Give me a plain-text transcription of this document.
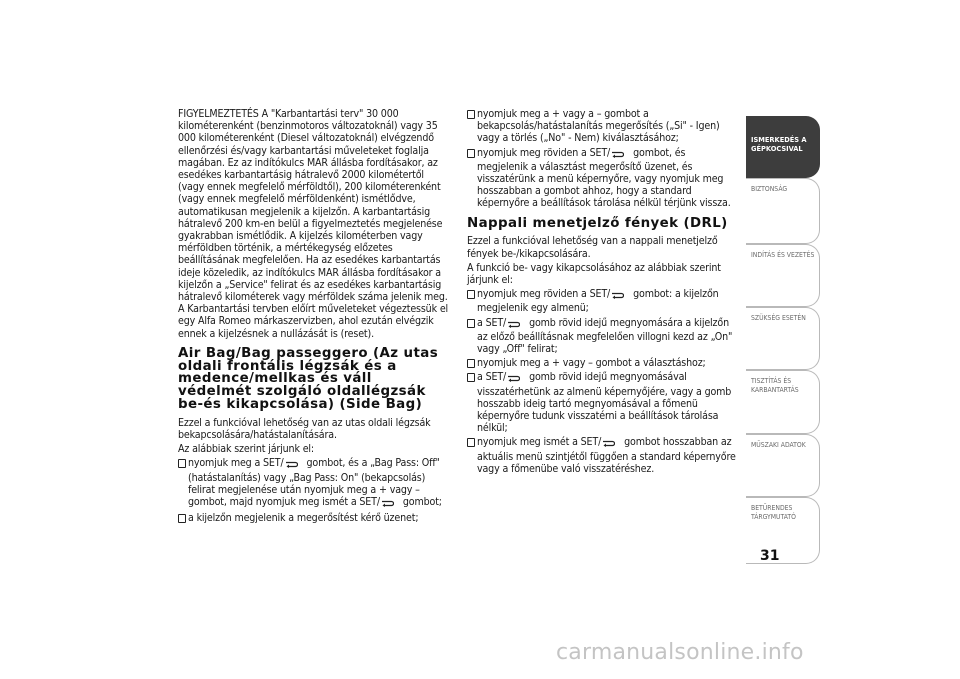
FIGYELMEZTETÉS A "Karbantartási terv" 30 000 kilométerenként (benzinmotoros változatoknál) vagy 35 000 kilométerenként (Diesel változatoknál) elvégzendő ellenőrzési és/vagy karbantartási műveleteket foglalja magában. Ez az indítókulcs MAR állásba fordításakor, az esedékes karbantartásig hátralevő 2000 kilométertől (vagy ennek megfelelő mérföldtől), 200 kilométerenként (vagy ennek megfelelő mérföldenként) ismétlődve, automatikusan megjelenik a kijelzőn. A karbantartásig hátralevő 200 km-en belül a figyelmeztetés megjelenése gyakrabban ismétlődik. A kijelzés kilométerben vagy mérföldben történik, a mértékegység előzetes beállításának megfelelően. Ha az esedékes karbantartás ideje közeledik, az indítókulcs MAR állásba fordításakor a kijelzőn a „Service" felirat és az esedékes karbantartásig hátralevő kilométerek vagy mérföldek száma jelenik meg. A Karbantartási tervben előírt műveleteket végeztessük el egy Alfa Romeo márkaszervizben, ahol ezután elvégzik ennek a kijelzésnek a nullázását is (reset).

Air Bag/Bag passeggero (Az utas oldali frontális légzsák és a medence/mellkas és váll védelmét szolgáló oldallégzsák be-és kikapcsolása) (Side Bag)

Ezzel a funkcióval lehetőség van az utas oldali légzsák bekapcsolására/hatástalanítására.

Az alábbiak szerint járjunk el:

nyomjuk meg a SET/ gombot, és a „Bag Pass: Off" (hatástalanítás) vagy „Bag Pass: On" (bekapcsolás) felirat megjelenése után nyomjuk meg a + vagy – gombot, majd nyomjuk meg ismét a SET/ gombot;
a kijelzőn megjelenik a megerősítést kérő üzenet;
nyomjuk meg a + vagy a – gombot a bekapcsolás/hatástalanítás megerősítés („Si" - Igen) vagy a törlés („No" - Nem) kiválasztásához;
nyomjuk meg röviden a SET/ gombot, és megjelenik a választást megerősítő üzenet, és visszatérünk a menü képernyőre, vagy nyomjuk meg hosszabban a gombot ahhoz, hogy a standard képernyőre a beállítások tárolása nélkül térjünk vissza.
Nappali menetjelző fények (DRL)

Ezzel a funkcióval lehetőség van a nappali menetjelző fények be-/kikapcsolására.

A funkció be- vagy kikapcsolásához az alábbiak szerint járjunk el:

nyomjuk meg röviden a SET/ gombot: a kijelzőn megjelenik egy almenü;
a SET/ gomb rövid idejű megnyomására a kijelzőn az előző beállításnak megfelelően villogni kezd az „On" vagy „Off" felirat;
nyomjuk meg a + vagy – gombot a választáshoz;
a SET/ gomb rövid idejű megnyomásával visszatérhetünk az almenü képernyőjére, vagy a gomb hosszabb ideig tartó megnyomásával a főmenü képernyőre tudunk visszatérni a beállítások tárolása nélkül;
nyomjuk meg ismét a SET/ gombot hosszabban az aktuális menü szintjétől függően a standard képernyőre vagy a főmenübe való visszatéréshez.
ISMERKEDÉS A GÉPKOCSIVAL
BIZTONSÁG
INDÍTÁS ÉS VEZETÉS
SZÜKSÉG ESETÉN
TISZTÍTÁS ÉS KARBANTARTÁS
MŰSZAKI ADATOK
BETŰRENDES TÁRGYMUTATÓ
31
carmanualsonline.info
